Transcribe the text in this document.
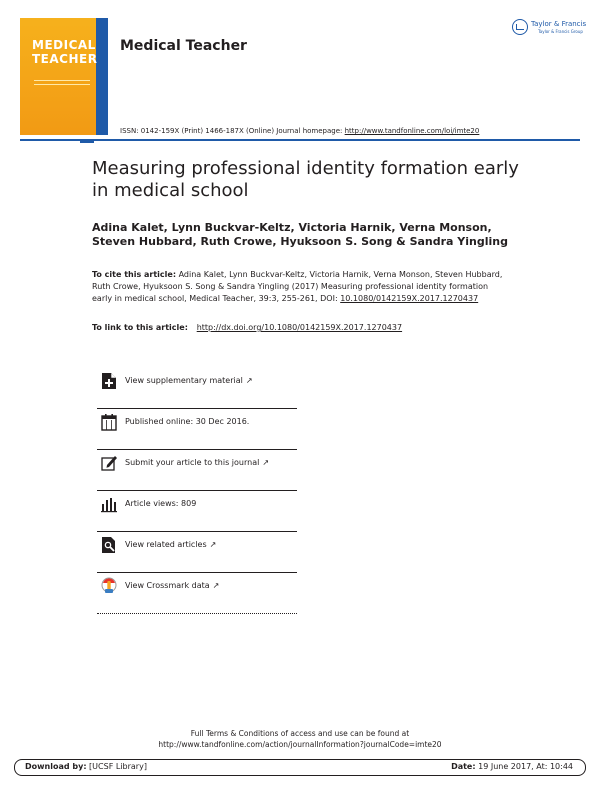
MEDICAL
TEACHER
Medical Teacher
ISSN: 0142-159X (Print) 1466-187X (Online) Journal homepage: http://www.tandfonline.com/loi/imte20
Taylor & Francis
Taylor & Francis Group
Measuring professional identity formation early in medical school
Adina Kalet, Lynn Buckvar-Keltz, Victoria Harnik, Verna Monson, Steven Hubbard, Ruth Crowe, Hyuksoon S. Song & Sandra Yingling
To cite this article: Adina Kalet, Lynn Buckvar-Keltz, Victoria Harnik, Verna Monson, Steven Hubbard, Ruth Crowe, Hyuksoon S. Song & Sandra Yingling (2017) Measuring professional identity formation early in medical school, Medical Teacher, 39:3, 255-261, DOI: 10.1080/0142159X.2017.1270437
To link to this article: http://dx.doi.org/10.1080/0142159X.2017.1270437
View supplementary material ↗
Published online: 30 Dec 2016.
Submit your article to this journal ↗
Article views: 809
View related articles ↗
View Crossmark data ↗
Full Terms & Conditions of access and use can be found at
http://www.tandfonline.com/action/journalInformation?journalCode=imte20
Download by: [UCSF Library]	Date: 19 June 2017, At: 10:44
